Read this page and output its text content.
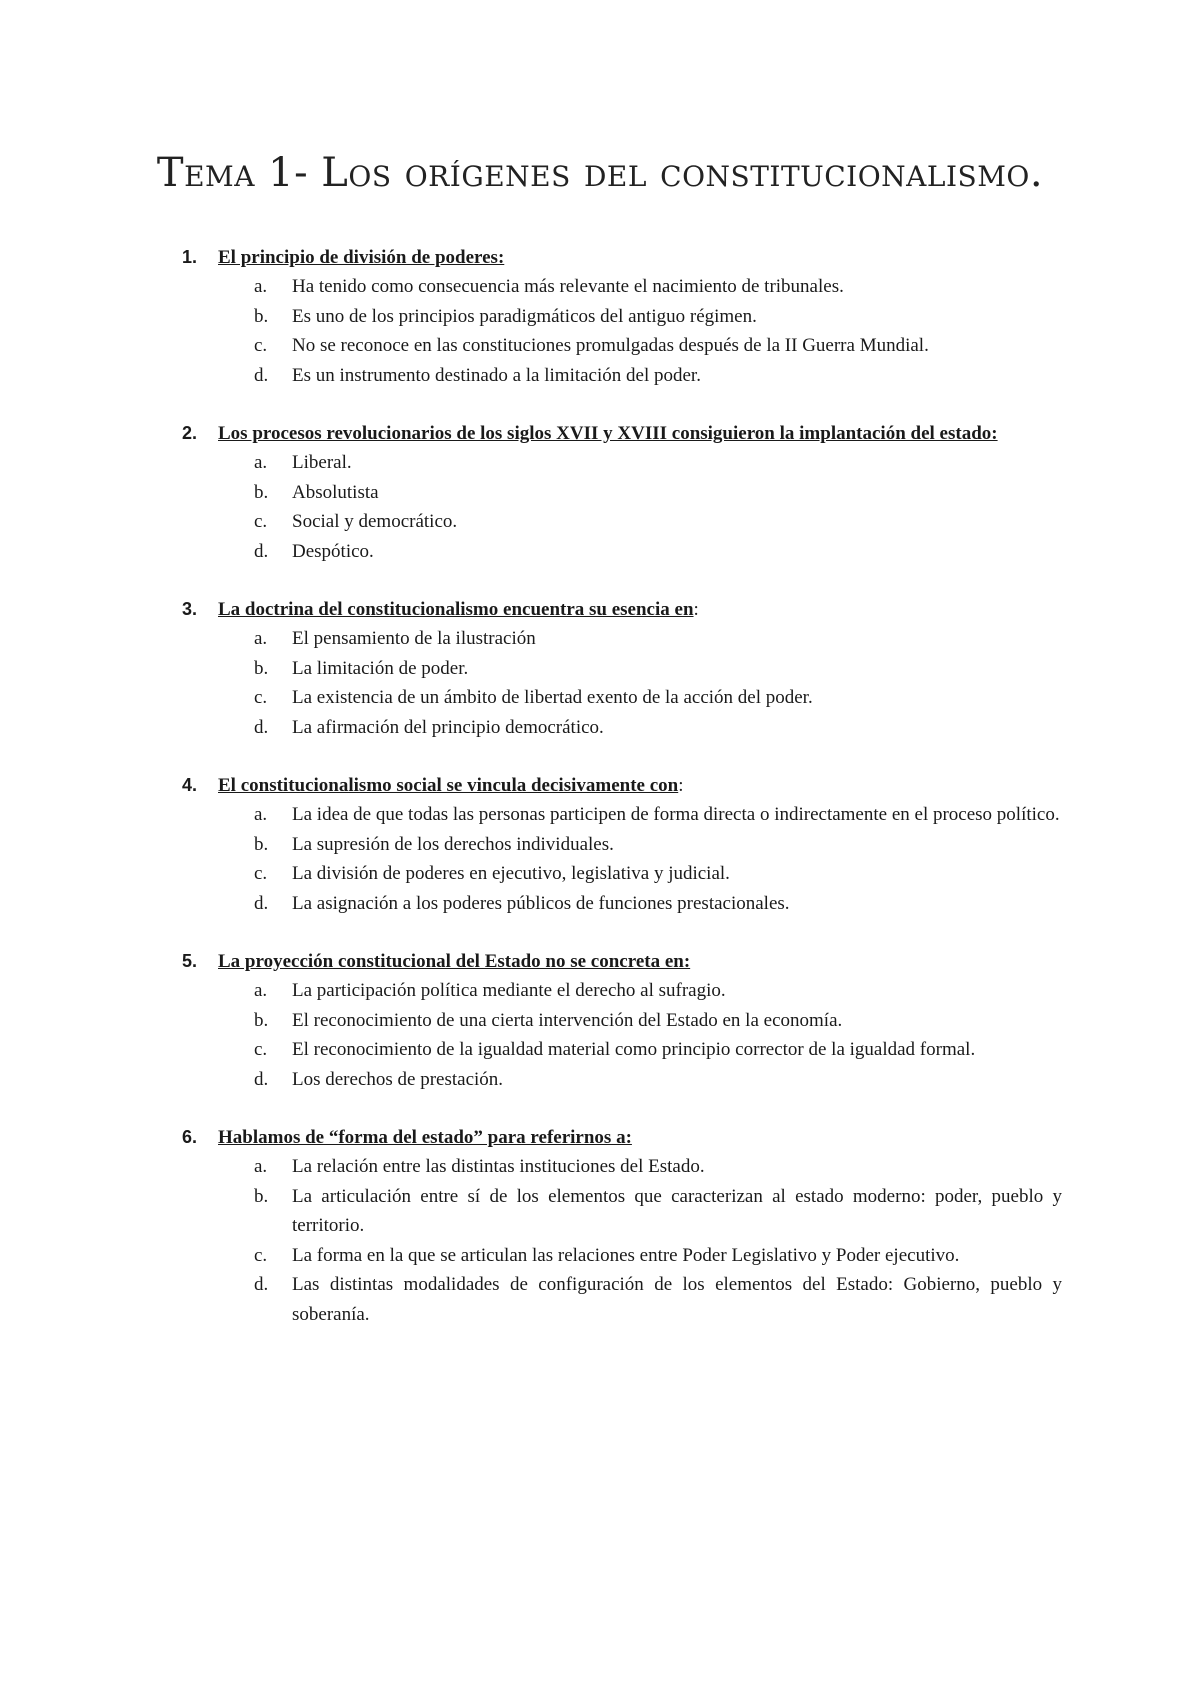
Tema 1- Los orígenes del constitucionalismo.
1. El principio de división de poderes:
a. Ha tenido como consecuencia más relevante el nacimiento de tribunales.
b. Es uno de los principios paradigmáticos del antiguo régimen.
c. No se reconoce en las constituciones promulgadas después de la II Guerra Mundial.
d. Es un instrumento destinado a la limitación del poder.
2. Los procesos revolucionarios de los siglos XVII y XVIII consiguieron la implantación del estado:
a. Liberal.
b. Absolutista
c. Social y democrático.
d. Despótico.
3. La doctrina del constitucionalismo encuentra su esencia en:
a. El pensamiento de la ilustración
b. La limitación de poder.
c. La existencia de un ámbito de libertad exento de la acción del poder.
d. La afirmación del principio democrático.
4. El constitucionalismo social se vincula decisivamente con:
a. La idea de que todas las personas participen de forma directa o indirectamente en el proceso político.
b. La supresión de los derechos individuales.
c. La división de poderes en ejecutivo, legislativa y judicial.
d. La asignación a los poderes públicos de funciones prestacionales.
5. La proyección constitucional del Estado no se concreta en:
a. La participación política mediante el derecho al sufragio.
b. El reconocimiento de una cierta intervención del Estado en la economía.
c. El reconocimiento de la igualdad material como principio corrector de la igualdad formal.
d. Los derechos de prestación.
6. Hablamos de “forma del estado” para referirnos a:
a. La relación entre las distintas instituciones del Estado.
b. La articulación entre sí de los elementos que caracterizan al estado moderno: poder, pueblo y territorio.
c. La forma en la que se articulan las relaciones entre Poder Legislativo y Poder ejecutivo.
d. Las distintas modalidades de configuración de los elementos del Estado: Gobierno, pueblo y soberanía.
